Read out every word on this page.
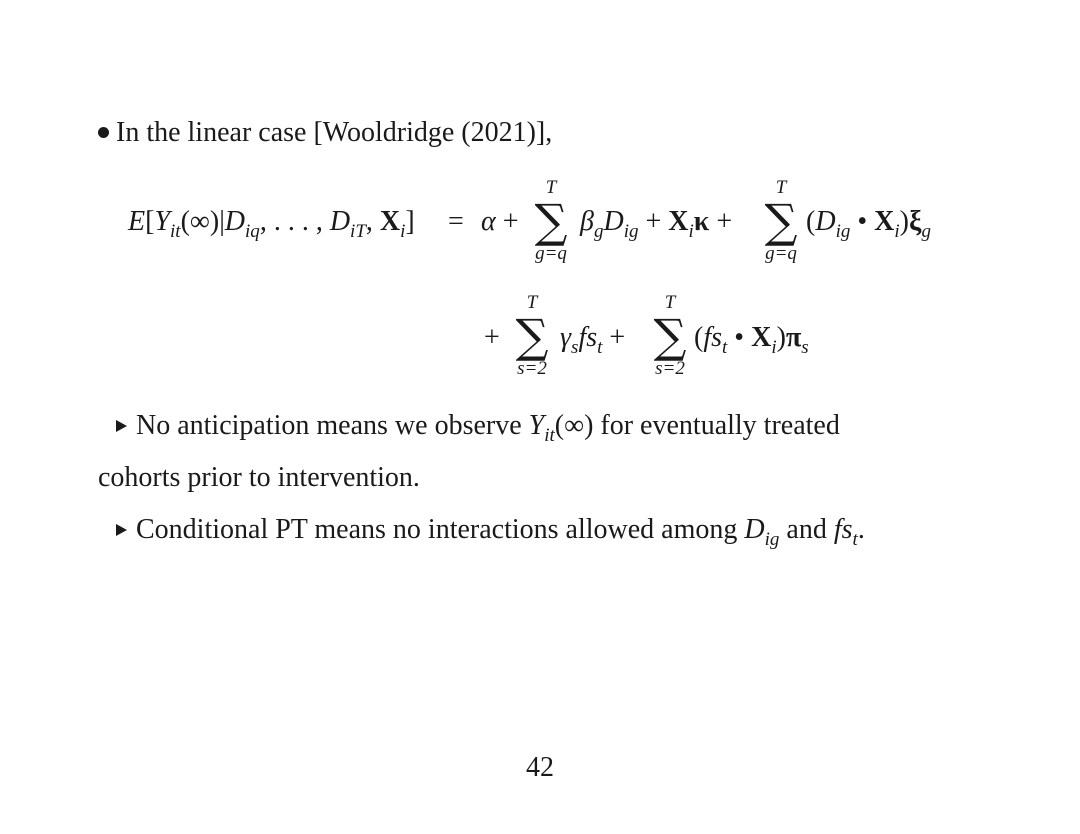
In the linear case [Wooldridge (2021)],
$E[Y_{it}(\infty)|D_{iq}$, . . . , $D_{iT}$, $X_i] = \alpha$ +
T
∑
g=q
$\beta_gD_{ig} + X_i\kappa$ +
T
∑
g=q
($D_{ig}$ • $X_i)\xi_g$
+
T
∑
s=2
$\gamma_sfs_t$ +
T
∑
s=2
($fs_t$ • $X_i)\pi_s$
No anticipation means we observe $Y_{it}(\infty)$ for eventually treated
cohorts prior to intervention.
Conditional PT means no interactions allowed among $D_{ig}$ and $fs_t$.
42
